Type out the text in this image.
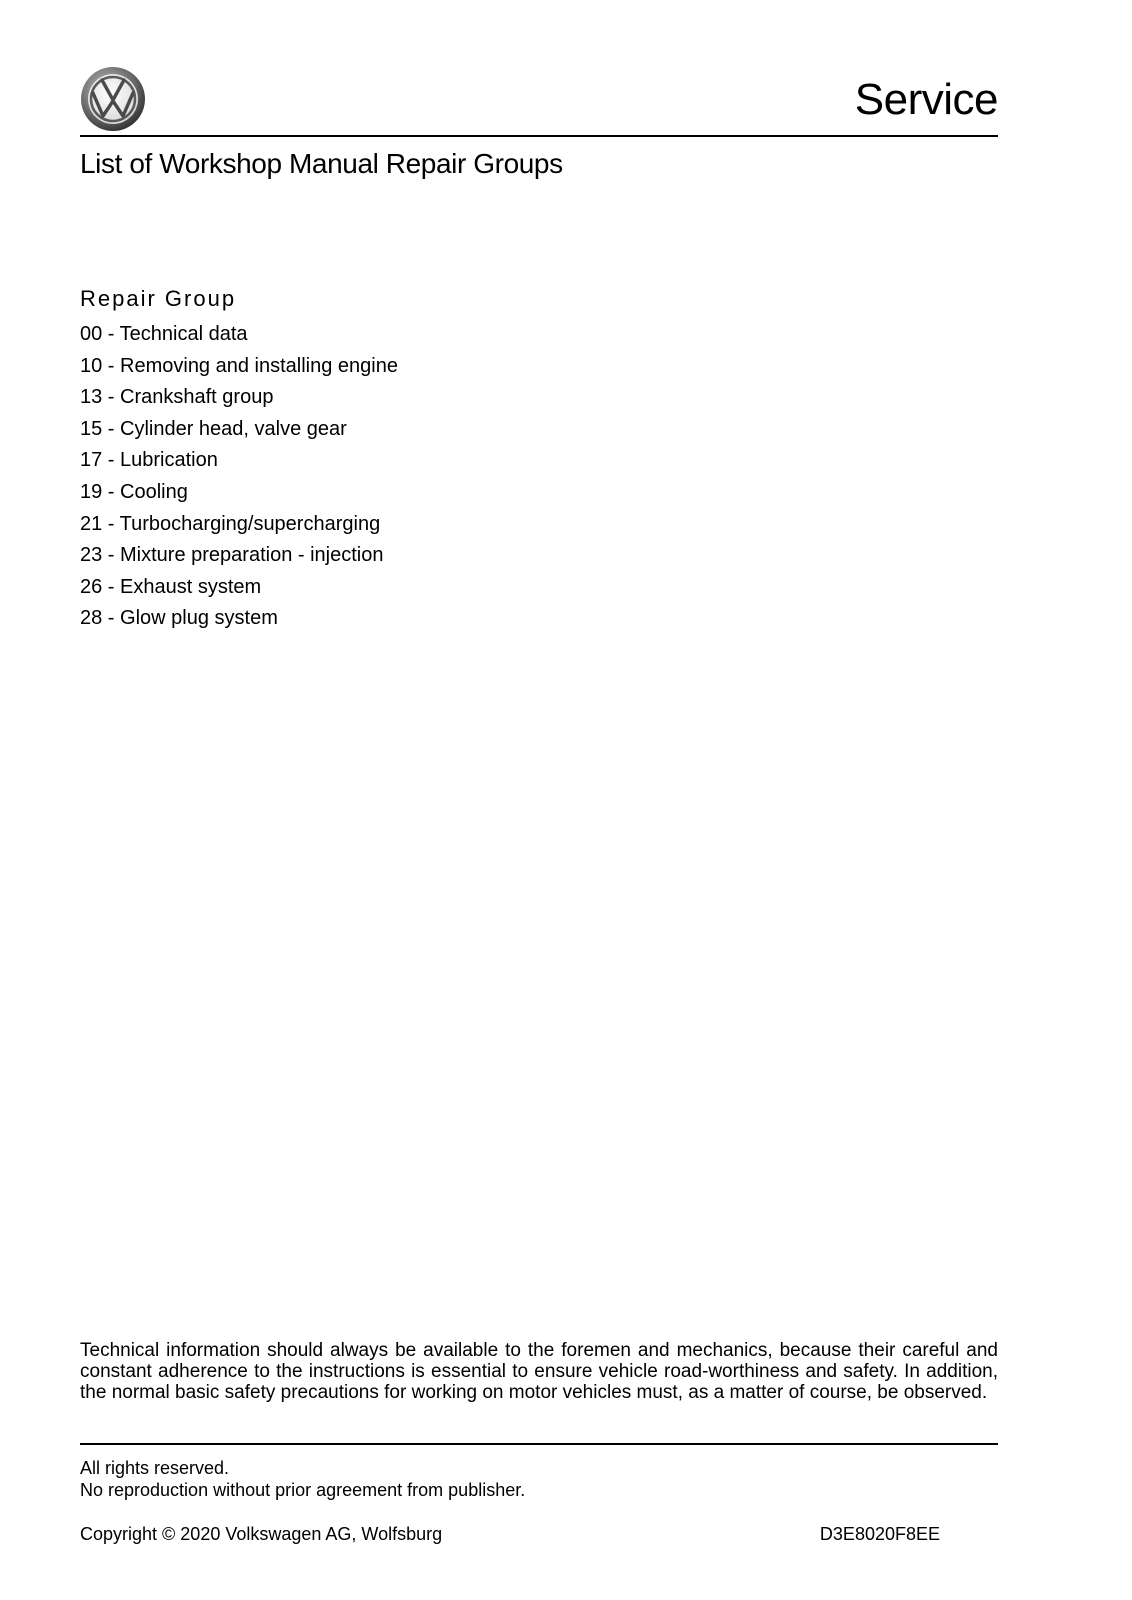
Service
List of Workshop Manual Repair Groups
Repair Group
00 - Technical data
10 - Removing and installing engine
13 - Crankshaft group
15 - Cylinder head, valve gear
17 - Lubrication
19 - Cooling
21 - Turbocharging/supercharging
23 - Mixture preparation - injection
26 - Exhaust system
28 - Glow plug system

Technical information should always be available to the foremen and mechanics, because their careful and constant adherence to the instructions is essential to ensure vehicle road-worthiness and safety. In addition, the normal basic safety precautions for working on motor vehicles must, as a matter of course, be observed.

All rights reserved.
No reproduction without prior agreement from publisher.
Copyright © 2020 Volkswagen AG, Wolfsburg	D3E8020F8EE
